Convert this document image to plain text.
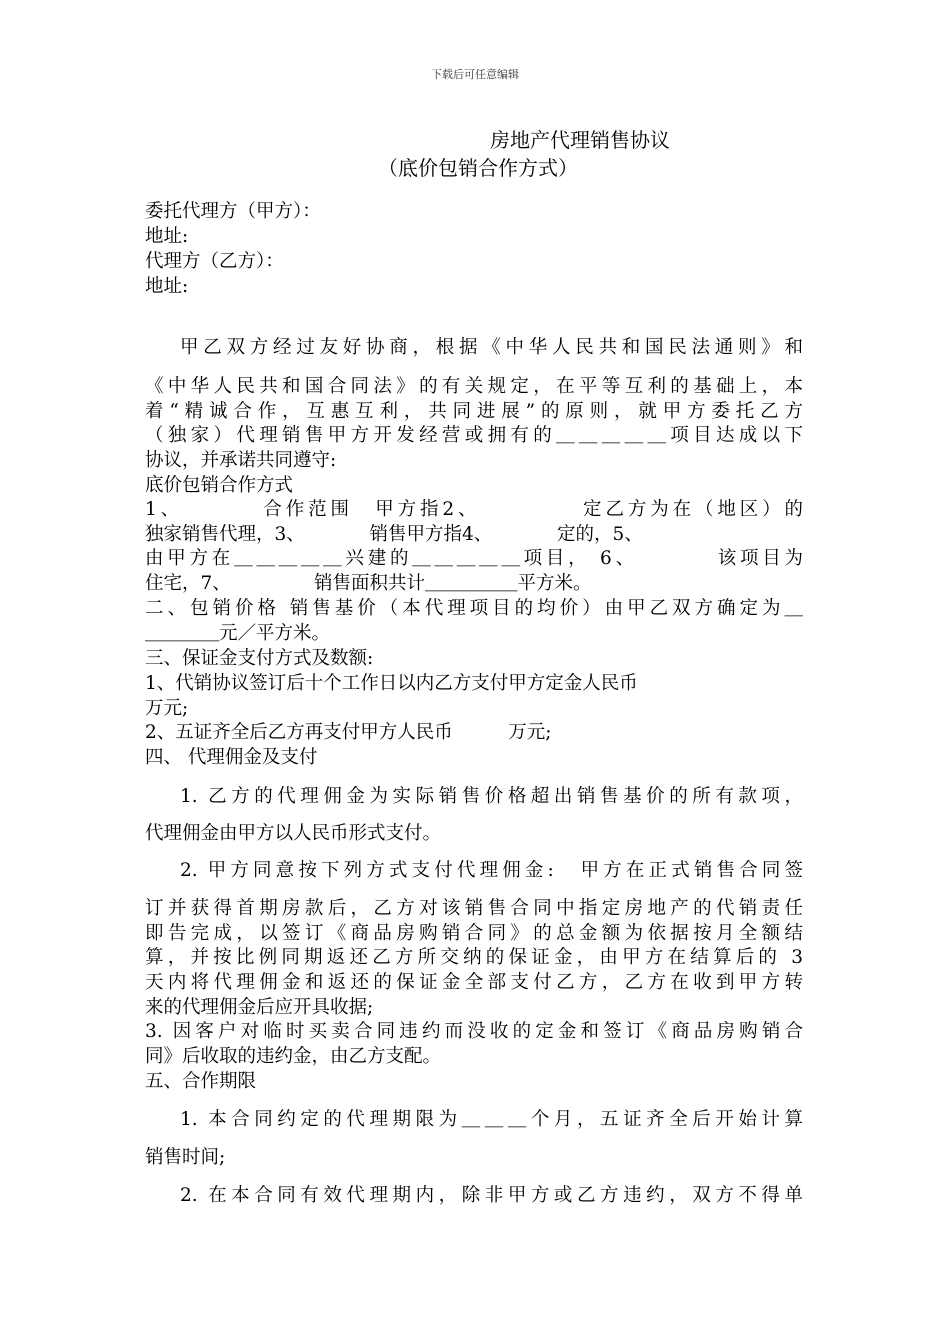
下载后可任意编辑
房地产代理销售协议
（底价包销合作方式）
委托代理方（甲方）：
地址:
代理方（乙方）：
地址:
甲乙双方经过友好协商，根据《中华人民共和国民法通则》和
《中华人民共和国合同法》的有关规定，在平等互利的基础上，本
着“精诚合作，互惠互利，共同进展”的原则，就甲方委托乙方
（独家）代理销售甲方开发经营或拥有的＿＿＿＿＿项目达成以下
协议，并承诺共同遵守:
底价包销合作方式
1、　　　　合作范围　甲方指2、　　　　　定乙方为在（地区）的
独家销售代理，3、　　　　销售甲方指4、　　　　定的，5、
由甲方在＿＿＿＿＿兴建的＿＿＿＿＿项目， 6、　　　　该项目为
住宅，7、　　　　　销售面积共计＿＿＿＿＿平方米。
二、包销价格 销售基价（本代理项目的均价）由甲乙双方确定为＿
＿＿＿＿元／平方米。
三、保证金支付方式及数额:
1、代销协议签订后十个工作日以内乙方支付甲方定金人民币
万元;
2、五证齐全后乙方再支付甲方人民币　　　万元;
四、 代理佣金及支付
1. 乙方的代理佣金为实际销售价格超出销售基价的所有款项，
代理佣金由甲方以人民币形式支付。
2. 甲方同意按下列方式支付代理佣金:　甲方在正式销售合同签
订并获得首期房款后，乙方对该销售合同中指定房地产的代销责任
即告完成，以签订《商品房购销合同》的总金额为依据按月全额结
算，并按比例同期返还乙方所交纳的保证金，由甲方在结算后的 3
天内将代理佣金和返还的保证金全部支付乙方，乙方在收到甲方转
来的代理佣金后应开具收据;
3. 因客户对临时买卖合同违约而没收的定金和签订《商品房购销合
同》后收取的违约金，由乙方支配。
五、合作期限
1. 本合同约定的代理期限为＿＿＿个月，五证齐全后开始计算
销售时间;
2. 在本合同有效代理期内，除非甲方或乙方违约，双方不得单
